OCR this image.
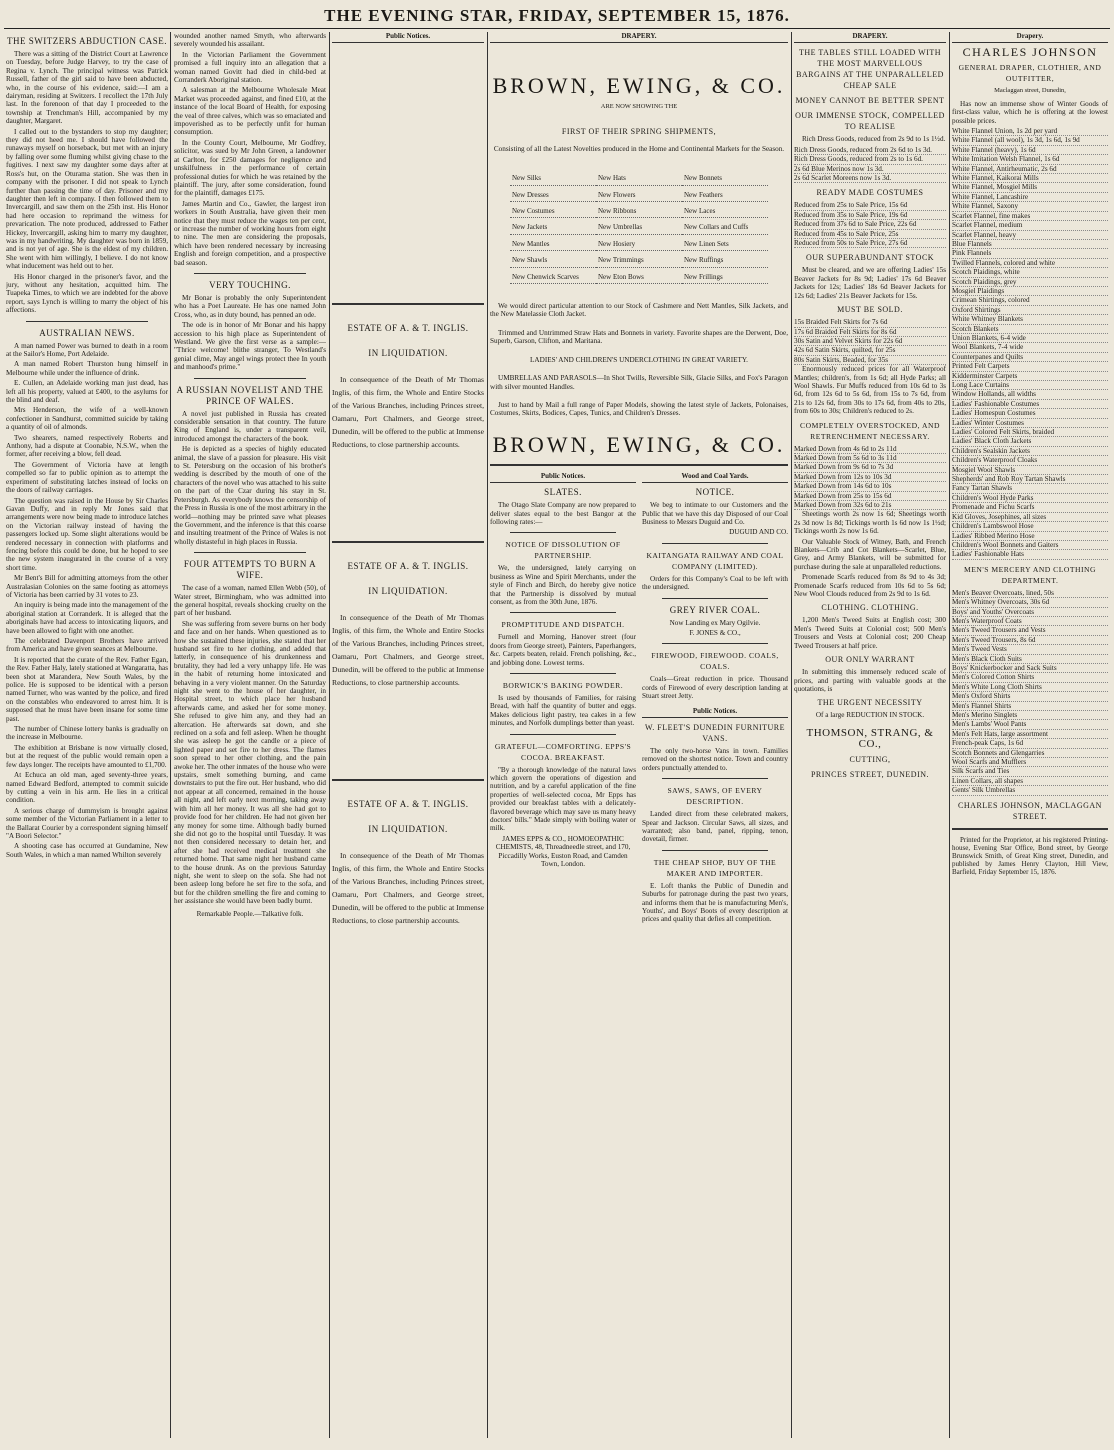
THE EVENING STAR, FRIDAY, SEPTEMBER 15, 1876.
THE SWITZERS ABDUCTION CASE.

There was a sitting of the District Court at Lawrence on Tuesday, before Judge Harvey, to try the case of Regina v. Lynch. The principal witness was Patrick Russell, father of the girl said to have been abducted, who, in the course of his evidence, said:—I am a dairyman, residing at Switzers. I recollect the 17th July last. In the forenoon of that day I proceeded to the township at Trenchman's Hill, accompanied by my daughter, Margaret.

I called out to the bystanders to stop my daughter; they did not heed me. I should have followed the runaways myself on horseback, but met with an injury by falling over some fluming whilst giving chase to the fugitives. I next saw my daughter some days after at Ross's hut, on the Oturama station. She was then in company with the prisoner. I did not speak to Lynch further than passing the time of day. Prisoner and my daughter then left in company. I then followed them to Invercargill, and saw them on the 25th inst. His Honor had here occasion to reprimand the witness for prevarication. The note produced, addressed to Father Hickey, Invercargill, asking him to marry my daughter, was in my handwriting. My daughter was born in 1859, and is not yet of age. She is the eldest of my children. She went with him willingly, I believe. I do not know what inducement was held out to her.

His Honor charged in the prisoner's favor, and the jury, without any hesitation, acquitted him. The Tuapeka Times, to which we are indebted for the above report, says Lynch is willing to marry the object of his affections.

AUSTRALIAN NEWS.

A man named Power was burned to death in a room at the Sailor's Home, Port Adelaide.

A man named Robert Thurston hung himself in Melbourne while under the influence of drink.

E. Cullen, an Adelaide working man just dead, has left all his property, valued at £400, to the asylums for the blind and deaf.

Mrs Henderson, the wife of a well-known confectioner in Sandhurst, committed suicide by taking a quantity of oil of almonds.

Two shearers, named respectively Roberts and Anthony, had a dispute at Coonabie, N.S.W., when the former, after receiving a blow, fell dead.

The Government of Victoria have at length compelled so far to public opinion as to attempt the experiment of substituting latches instead of locks on the doors of railway carriages.

The question was raised in the House by Sir Charles Gavan Duffy, and in reply Mr Jones said that arrangements were now being made to introduce latches on the Victorian railway instead of having the passengers locked up. Some slight alterations would be rendered necessary in connection with platforms and fencing before this could be done, but he hoped to see the new system inaugurated in the course of a very short time.

Mr Bent's Bill for admitting attorneys from the other Australasian Colonies on the same footing as attorneys of Victoria has been carried by 31 votes to 23.

An inquiry is being made into the management of the aboriginal station at Corranderk. It is alleged that the aboriginals have had access to intoxicating liquors, and have been allowed to fight with one another.

The celebrated Davenport Brothers have arrived from America and have given seances at Melbourne.

It is reported that the curate of the Rev. Father Egan, the Rev. Father Haly, lately stationed at Wangaratta, has been shot at Marandera, New South Wales, by the police. He is supposed to be identical with a person named Turner, who was wanted by the police, and fired on the constables who endeavored to arrest him. It is supposed that he must have been insane for some time past.

The number of Chinese lottery banks is gradually on the increase in Melbourne.

The exhibition at Brisbane is now virtually closed, but at the request of the public would remain open a few days longer. The receipts have amounted to £1,700.

At Echuca an old man, aged seventy-three years, named Edward Bedford, attempted to commit suicide by cutting a vein in his arm. He lies in a critical condition.

A serious charge of dummyism is brought against some member of the Victorian Parliament in a letter to the Ballarat Courier by a correspondent signing himself "A Boori Selector."

A shooting case has occurred at Gundamine, New South Wales, in which a man named Whilton severely

wounded another named Smyth, who afterwards severely wounded his assailant.

In the Victorian Parliament the Government promised a full inquiry into an allegation that a woman named Govitt had died in child-bed at Corranderk Aboriginal station.

A salesman at the Melbourne Wholesale Meat Market was proceeded against, and fined £10, at the instance of the local Board of Health, for exposing the veal of three calves, which was so emaciated and impoverished as to be perfectly unfit for human consumption.

In the County Court, Melbourne, Mr Godfrey, solicitor, was sued by Mr John Green, a landowner at Carlton, for £250 damages for negligence and unskilfulness in the performance of certain professional duties for which he was retained by the plaintiff. The jury, after some consideration, found for the plaintiff, damages £175.

James Martin and Co., Gawler, the largest iron workers in South Australia, have given their men notice that they must reduce the wages ten per cent, or increase the number of working hours from eight to nine. The men are considering the proposals, which have been rendered necessary by increasing English and foreign competition, and a prospective bad season.

VERY TOUCHING.

Mr Bonar is probably the only Superintendent who has a Poet Laureate. He has one named John Cross, who, as in duty bound, has penned an ode.

The ode is in honor of Mr Bonar and his happy accession to his high place as Superintendent of Westland. We give the first verse as a sample:— "Thrice welcome! blithe stranger, To Westland's genial clime, May angel wings protect thee In youth and manhood's prime."

A RUSSIAN NOVELIST AND THE PRINCE OF WALES.

A novel just published in Russia has created considerable sensation in that country. The future King of England is, under a transparent veil, introduced amongst the characters of the book.

He is depicted as a species of highly educated animal, the slave of a passion for pleasure. His visit to St. Petersburg on the occasion of his brother's wedding is described by the mouth of one of the characters of the novel who was attached to his suite on the part of the Czar during his stay in St. Petersburgh. As everybody knows the censorship of the Press in Russia is one of the most arbitrary in the world—nothing may be printed save what pleases the Government, and the inference is that this coarse and insulting treatment of the Prince of Wales is not wholly distasteful in high places in Russia.

FOUR ATTEMPTS TO BURN A WIFE.

The case of a woman, named Ellen Webb (50), of Water street, Birmingham, who was admitted into the general hospital, reveals shocking cruelty on the part of her husband.

She was suffering from severe burns on her body and face and on her hands. When questioned as to how she sustained these injuries, she stated that her husband set fire to her clothing, and added that latterly, in consequence of his drunkenness and brutality, they had led a very unhappy life. He was in the habit of returning home intoxicated and behaving in a very violent manner. On the Saturday night she went to the house of her daughter, in Hospital street, to which place her husband afterwards came, and asked her for some money. She refused to give him any, and they had an altercation. He afterwards sat down, and she reclined on a sofa and fell asleep. When he thought she was asleep he got the candle or a piece of lighted paper and set fire to her dress. The flames soon spread to her other clothing, and the pain awoke her. The other inmates of the house who were upstairs, smelt something burning, and came downstairs to put the fire out. Her husband, who did not appear at all concerned, remained in the house all night, and left early next morning, taking away with him all her money. It was all she had got to provide food for her children. He had not given her any money for some time. Although badly burned she did not go to the hospital until Tuesday. It was not then considered necessary to detain her, and after she had received medical treatment she returned home. That same night her husband came to the house drunk. As on the previous Saturday night, she went to sleep on the sofa. She had not been asleep long before he set fire to the sofa, and but for the children smelling the fire and coming to her assistance she would have been badly burnt.

Remarkable People.—Talkative folk.

Public Notices.
ESTATE OF A. & T. INGLIS.
IN LIQUIDATION.

In consequence of the Death of Mr Thomas Inglis, of this firm, the Whole and Entire Stocks of the Various Branches, including Princes street, Oamaru, Port Chalmers, and George street, Dunedin, will be offered to the public at Immense Reductions, to close partnership accounts.

ESTATE OF A. & T. INGLIS.
IN LIQUIDATION.

In consequence of the Death of Mr Thomas Inglis, of this firm, the Whole and Entire Stocks of the Various Branches, including Princes street, Oamaru, Port Chalmers, and George street, Dunedin, will be offered to the public at Immense Reductions, to close partnership accounts.

ESTATE OF A. & T. INGLIS.
IN LIQUIDATION.

In consequence of the Death of Mr Thomas Inglis, of this firm, the Whole and Entire Stocks of the Various Branches, including Princes street, Oamaru, Port Chalmers, and George street, Dunedin, will be offered to the public at Immense Reductions, to close partnership accounts.

DRAPERY.
BROWN, EWING, & CO.
ARE NOW SHOWING THE
FIRST OF THEIR SPRING SHIPMENTS,

Consisting of all the Latest Novelties produced in the Home and Continental Markets for the Season.

New Silks	New Hats	New Bonnets
New Dresses	New Flowers	New Feathers
New Costumes	New Ribbons	New Laces
New Jackets	New Umbrellas	New Collars and Cuffs
New Mantles	New Hosiery	New Linen Sets
New Shawls	New Trimmings	New Ruffings
New Chenwick Scarves	New Eton Bows	New Frillings

We would direct particular attention to our Stock of Cashmere and Nett Mantles, Silk Jackets, and the New Matelassie Cloth Jacket.

Trimmed and Untrimmed Straw Hats and Bonnets in variety. Favorite shapes are the Derwent, Doe, Superb, Garson, Clifton, and Maritana.

LADIES' AND CHILDREN'S UNDERCLOTHING IN GREAT VARIETY.

UMBRELLAS AND PARASOLS—In Shot Twills, Reversible Silk, Glacie Silks, and Fox's Paragon with silver mounted Handles.

Just to hand by Mail a full range of Paper Models, showing the latest style of Jackets, Polonaises, Costumes, Skirts, Bodices, Capes, Tunics, and Children's Dresses.

BROWN, EWING, & CO.
Public Notices.
SLATES.

The Otago Slate Company are now prepared to deliver slates equal to the best Bangor at the following rates:—

NOTICE OF DISSOLUTION OF PARTNERSHIP.

We, the undersigned, lately carrying on business as Wine and Spirit Merchants, under the style of Finch and Birch, do hereby give notice that the Partnership is dissolved by mutual consent, as from the 30th June, 1876.

PROMPTITUDE AND DISPATCH.

Furnell and Morning, Hanover street (four doors from George street), Painters, Paperhangers, &c. Carpets beaten, relaid. French polishing, &c., and jobbing done. Lowest terms.

BORWICK'S BAKING POWDER.

Is used by thousands of Families, for raising Bread, with half the quantity of butter and eggs. Makes delicious light pastry, tea cakes in a few minutes, and Norfolk dumplings better than yeast.

GRATEFUL—COMFORTING. EPPS'S COCOA. BREAKFAST.

"By a thorough knowledge of the natural laws which govern the operations of digestion and nutrition, and by a careful application of the fine properties of well-selected cocoa, Mr Epps has provided our breakfast tables with a delicately-flavored beverage which may save us many heavy doctors' bills." Made simply with boiling water or milk.

JAMES EPPS & CO., HOMOEOPATHIC CHEMISTS, 48, Threadneedle street, and 170, Piccadilly Works, Euston Road, and Camden Town, London.

Wood and Coal Yards.
NOTICE.

We beg to intimate to our Customers and the Public that we have this day Disposed of our Coal Business to Messrs Duguid and Co.

DUGUID AND CO.

KAITANGATA RAILWAY AND COAL COMPANY (LIMITED).

Orders for this Company's Coal to be left with the undersigned.

GREY RIVER COAL.

Now Landing ex Mary Ogilvie.

F. JONES & CO.,

FIREWOOD, FIREWOOD. COALS, COALS.

Coals—Great reduction in price. Thousand cords of Firewood of every description landing at Stuart street Jetty.

Public Notices.
W. FLEET'S DUNEDIN FURNITURE VANS.

The only two-horse Vans in town. Families removed on the shortest notice. Town and country orders punctually attended to.

SAWS, SAWS, OF EVERY DESCRIPTION.

Landed direct from these celebrated makers, Spear and Jackson. Circular Saws, all sizes, and warranted; also band, panel, ripping, tenon, dovetail, firmer.

THE CHEAP SHOP, BUY OF THE MAKER AND IMPORTER.

E. Loft thanks the Public of Dunedin and Suburbs for patronage during the past two years, and informs them that he is manufacturing Men's, Youths', and Boys' Boots of every description at prices and quality that defies all competition.

DRAPERY.
THE TABLES STILL LOADED WITH THE MOST MARVELLOUS BARGAINS AT THE UNPARALLELED CHEAP SALE
MONEY CANNOT BE BETTER SPENT
OUR IMMENSE STOCK, COMPELLED TO REALISE

Rich Dress Goods, reduced from 2s 9d to 1s 1½d.

Rich Dress Goods, reduced from 2s 6d to 1s 3d.
Rich Dress Goods, reduced from 2s to 1s 6d.
2s 6d Blue Merinos now 1s 3d.
2s 6d Scarlet Moreens now 1s 3d.
READY MADE COSTUMES
Reduced from 25s to Sale Price, 15s 6d
Reduced from 35s to Sale Price, 19s 6d
Reduced from 37s 6d to Sale Price, 22s 6d
Reduced from 45s to Sale Price, 25s
Reduced from 50s to Sale Price, 27s 6d
OUR SUPERABUNDANT STOCK

Must be cleared, and we are offering Ladies' 15s Beaver Jackets for 8s 9d; Ladies' 17s 6d Beaver Jackets for 12s; Ladies' 18s 6d Beaver Jackets for 12s 6d; Ladies' 21s Beaver Jackets for 15s.

MUST BE SOLD.
15s Braided Felt Skirts for 7s 6d
17s 6d Braided Felt Skirts for 8s 6d
30s Satin and Velvet Skirts for 22s 6d
42s 6d Satin Skirts, quilted, for 25s
80s Satin Skirts, Beaded, for 35s

Enormously reduced prices for all Waterproof Mantles; children's, from 1s 6d; all Hyde Parks; all Wool Shawls. Fur Muffs reduced from 10s 6d to 3s 6d, from 12s 6d to 5s 6d, from 15s to 7s 6d, from 21s to 12s 6d, from 30s to 17s 6d, from 40s to 20s, from 60s to 30s; Children's reduced to 2s.

COMPLETELY OVERSTOCKED, AND RETRENCHMENT NECESSARY.
Marked Down from 4s 6d to 2s 11d
Marked Down from 5s 6d to 3s 11d
Marked Down from 9s 6d to 7s 3d
Marked Down from 12s to 10s 3d
Marked Down from 14s 6d to 10s
Marked Down from 25s to 15s 6d
Marked Down from 32s 6d to 21s

Sheetings worth 2s now 1s 6d; Sheetings worth 2s 3d now 1s 8d; Tickings worth 1s 6d now 1s 1½d; Tickings worth 2s now 1s 6d.

Our Valuable Stock of Witney, Bath, and French Blankets—Crib and Cot Blankets—Scarlet, Blue, Grey, and Army Blankets, will be submitted for purchase during the sale at unparalleled reductions.

Promenade Scarfs reduced from 8s 9d to 4s 3d; Promenade Scarfs reduced from 10s 6d to 5s 6d; New Wool Clouds reduced from 2s 9d to 1s 6d.

CLOTHING. CLOTHING.

1,200 Men's Tweed Suits at English cost; 300 Men's Tweed Suits at Colonial cost; 500 Men's Trousers and Vests at Colonial cost; 200 Cheap Tweed Trousers at half price.

OUR ONLY WARRANT

In submitting this immensely reduced scale of prices, and parting with valuable goods at the quotations, is

THE URGENT NECESSITY

Of a large REDUCTION IN STOCK.

THOMSON, STRANG, & CO.,
CUTTING,
PRINCES STREET, DUNEDIN.
Drapery.
CHARLES JOHNSON
GENERAL DRAPER, CLOTHIER, AND OUTFITTER,
Maclaggan street, Dunedin,

Has now an immense show of Winter Goods of first-class value, which he is offering at the lowest possible prices.

White Flannel Union, 1s 2d per yard
White Flannel (all wool), 1s 3d, 1s 6d, 1s 9d
White Flannel (heavy), 1s 6d
White Imitation Welsh Flannel, 1s 6d
White Flannel, Antirheumatic, 2s 6d
White Flannel, Kaikorai Mills
White Flannel, Mosgiel Mills
White Flannel, Lancashire
White Flannel, Saxony
Scarlet Flannel, fine makes
Scarlet Flannel, medium
Scarlet Flannel, heavy
Blue Flannels
Pink Flannels
Twilled Flannels, colored and white
Scotch Plaidings, white
Scotch Plaidings, grey
Mosgiel Plaidings
Crimean Shirtings, colored
Oxford Shirtings
White Whitney Blankets
Scotch Blankets
Union Blankets, 6-4 wide
Wool Blankets, 7-4 wide
Counterpanes and Quilts
Printed Felt Carpets
Kidderminster Carpets
Long Lace Curtains
Window Hollands, all widths
Ladies' Fashionable Costumes
Ladies' Homespun Costumes
Ladies' Winter Costumes
Ladies' Colored Felt Skirts, braided
Ladies' Black Cloth Jackets
Children's Sealskin Jackets
Children's Waterproof Cloaks
Mosgiel Wool Shawls
Shepherds' and Rob Roy Tartan Shawls
Fancy Tartan Shawls
Children's Wool Hyde Parks
Promenade and Fichu Scarfs
Kid Gloves, Josephines, all sizes
Children's Lambswool Hose
Ladies' Ribbed Merino Hose
Children's Wool Bonnets and Gaiters
Ladies' Fashionable Hats
MEN'S MERCERY AND CLOTHING DEPARTMENT.
Men's Beaver Overcoats, lined, 50s
Men's Whitney Overcoats, 30s 6d
Boys' and Youths' Overcoats
Men's Waterproof Coats
Men's Tweed Trousers and Vests
Men's Tweed Trousers, 8s 6d
Men's Tweed Vests
Men's Black Cloth Suits
Boys' Knickerbocker and Sack Suits
Men's Colored Cotton Shirts
Men's White Long Cloth Shirts
Men's Oxford Shirts
Men's Flannel Shirts
Men's Merino Singlets
Men's Lambs' Wool Pants
Men's Felt Hats, large assortment
French-peak Caps, 1s 6d
Scotch Bonnets and Glengarries
Wool Scarfs and Mufflers
Silk Scarfs and Ties
Linen Collars, all shapes
Gents' Silk Umbrellas
CHARLES JOHNSON, MACLAGGAN STREET.

Printed for the Proprietor, at his registered Printing-house, Evening Star Office, Bond street, by George Brunswick Smith, of Great King street, Dunedin, and published by James Henry Clayton, Hill View, Barfield, Friday September 15, 1876.
